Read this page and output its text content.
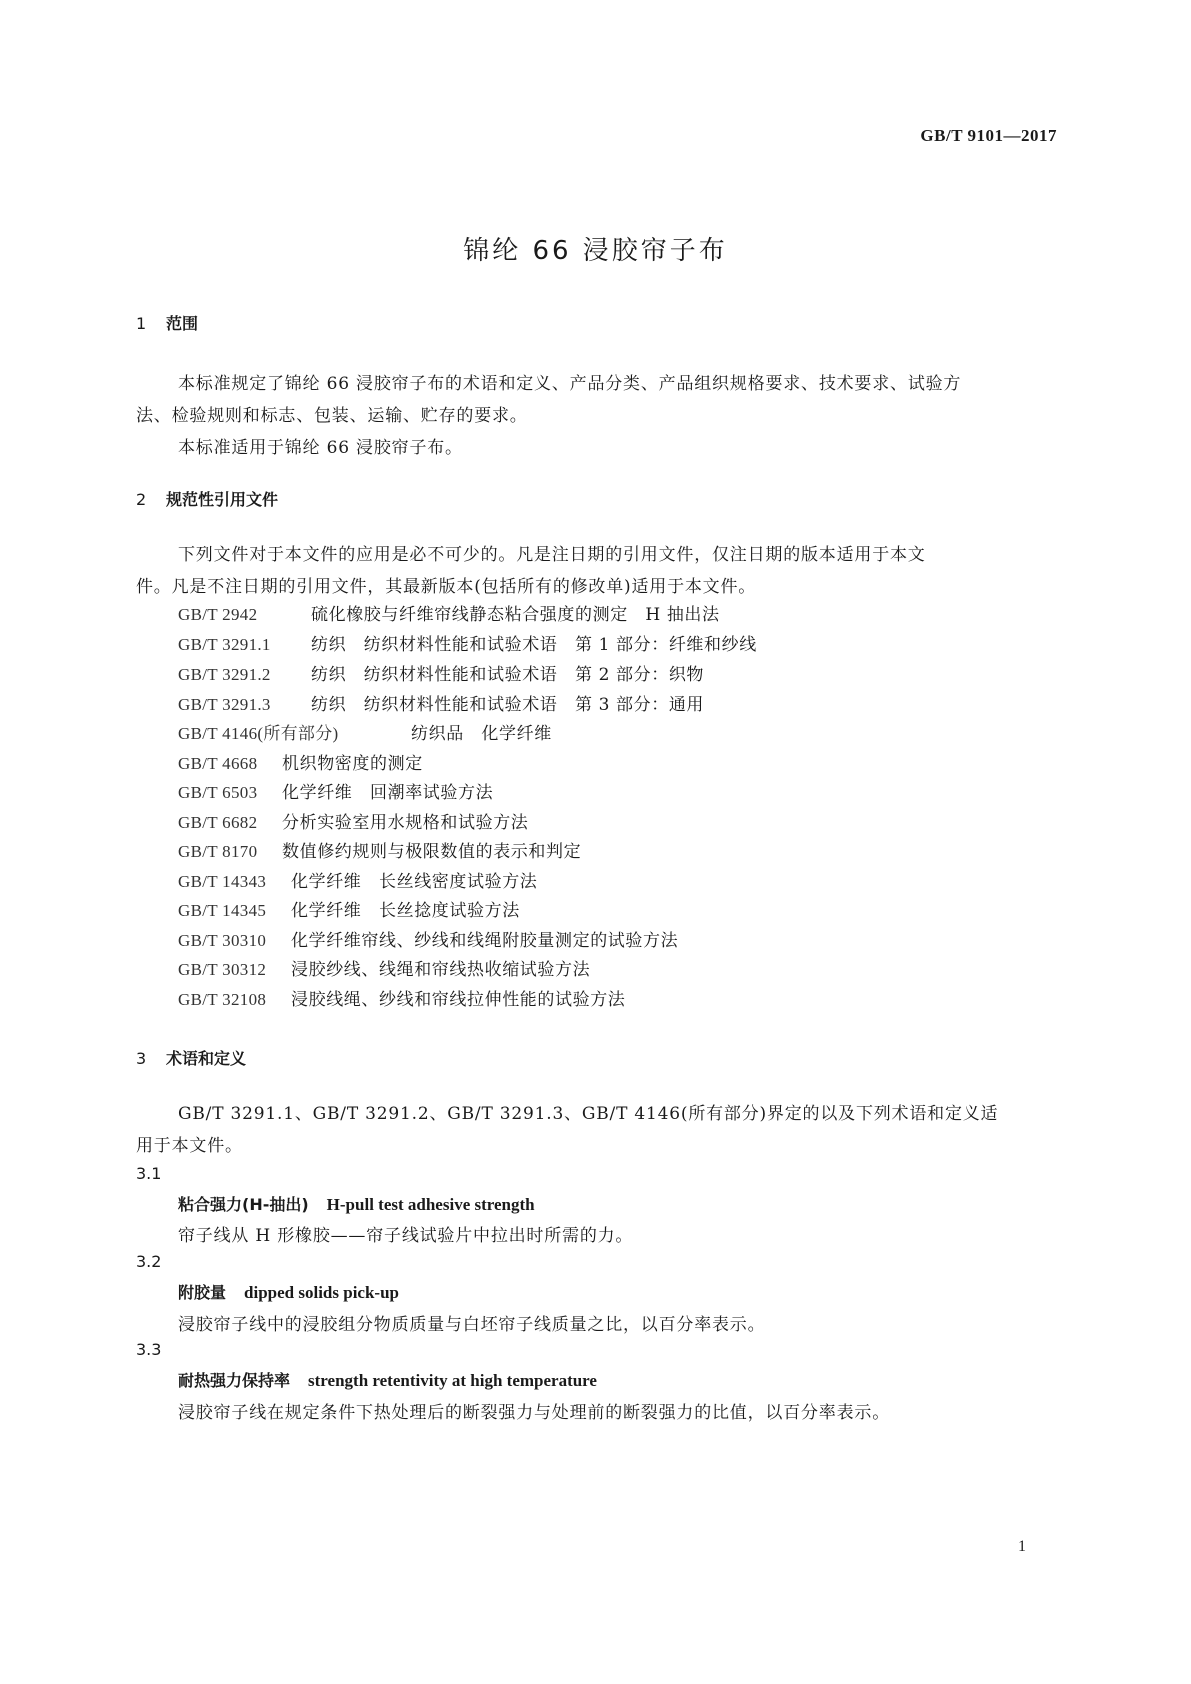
GB/T 9101—2017
锦纶 66 浸胶帘子布
1 范围
本标准规定了锦纶 66 浸胶帘子布的术语和定义、产品分类、产品组织规格要求、技术要求、试验方
法、检验规则和标志、包装、运输、贮存的要求。
本标准适用于锦纶 66 浸胶帘子布。
2 规范性引用文件
下列文件对于本文件的应用是必不可少的。凡是注日期的引用文件，仅注日期的版本适用于本文
件。凡是不注日期的引用文件，其最新版本(包括所有的修改单)适用于本文件。
GB/T 2942	硫化橡胶与纤维帘线静态粘合强度的测定　H 抽出法
GB/T 3291.1 纺织　纺织材料性能和试验术语　第 1 部分：纤维和纱线
GB/T 3291.2 纺织　纺织材料性能和试验术语　第 2 部分：织物
GB/T 3291.3 纺织　纺织材料性能和试验术语　第 3 部分：通用
GB/T 4146(所有部分)	纺织品　化学纤维
GB/T 4668 机织物密度的测定
GB/T 6503 化学纤维　回潮率试验方法
GB/T 6682 分析实验室用水规格和试验方法
GB/T 8170 数值修约规则与极限数值的表示和判定
GB/T 14343 化学纤维　长丝线密度试验方法
GB/T 14345 化学纤维　长丝捻度试验方法
GB/T 30310 化学纤维帘线、纱线和线绳附胶量测定的试验方法
GB/T 30312 浸胶纱线、线绳和帘线热收缩试验方法
GB/T 32108 浸胶线绳、纱线和帘线拉伸性能的试验方法
3 术语和定义
GB/T 3291.1、GB/T 3291.2、GB/T 3291.3、GB/T 4146(所有部分)界定的以及下列术语和定义适
用于本文件。
3.1
粘合强力(H-抽出) H-pull test adhesive strength
帘子线从 H 形橡胶——帘子线试验片中拉出时所需的力。
3.2
附胶量 dipped solids pick-up
浸胶帘子线中的浸胶组分物质质量与白坯帘子线质量之比，以百分率表示。
3.3
耐热强力保持率 strength retentivity at high temperature
浸胶帘子线在规定条件下热处理后的断裂强力与处理前的断裂强力的比值，以百分率表示。
1
